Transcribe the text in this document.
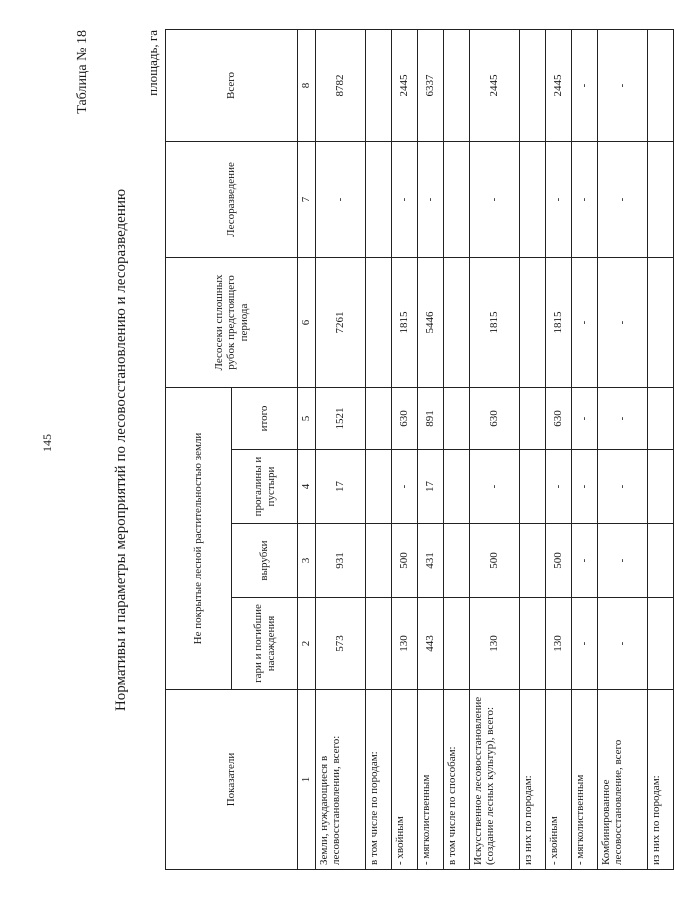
145
Таблица № 18
Нормативы и параметры мероприятий по лесовосстановлению и лесоразведению
площадь, га
Показатели	Не покрытые лесной растительностью земли				Лесосеки сплошных рубок предстоящего периода	Лесоразведение	Всего
	гари и погибшие насаждения	вырубки	прогалины и пустыри	итого			

1	2	3	4	5	6	7	8
Земли, нуждающиеся в лесовосстановлении, всего:	573	931	17	1521	7261	-	8782
в том числе по породам:							
- хвойным	130	500	-	630	1815	-	2445
- мягколиственным	443	431	17	891	5446	-	6337
в том числе по способам:							
Искусственное лесовосстановление (создание лесных культур), всего:	130	500	-	630	1815	-	2445
из них по породам:							
- хвойным	130	500	-	630	1815	-	2445
- мягколиственным	-	-	-	-	-	-	-
Комбинированное лесовосстановление, всего	-	-	-	-	-	-	-
из них по породам:							
